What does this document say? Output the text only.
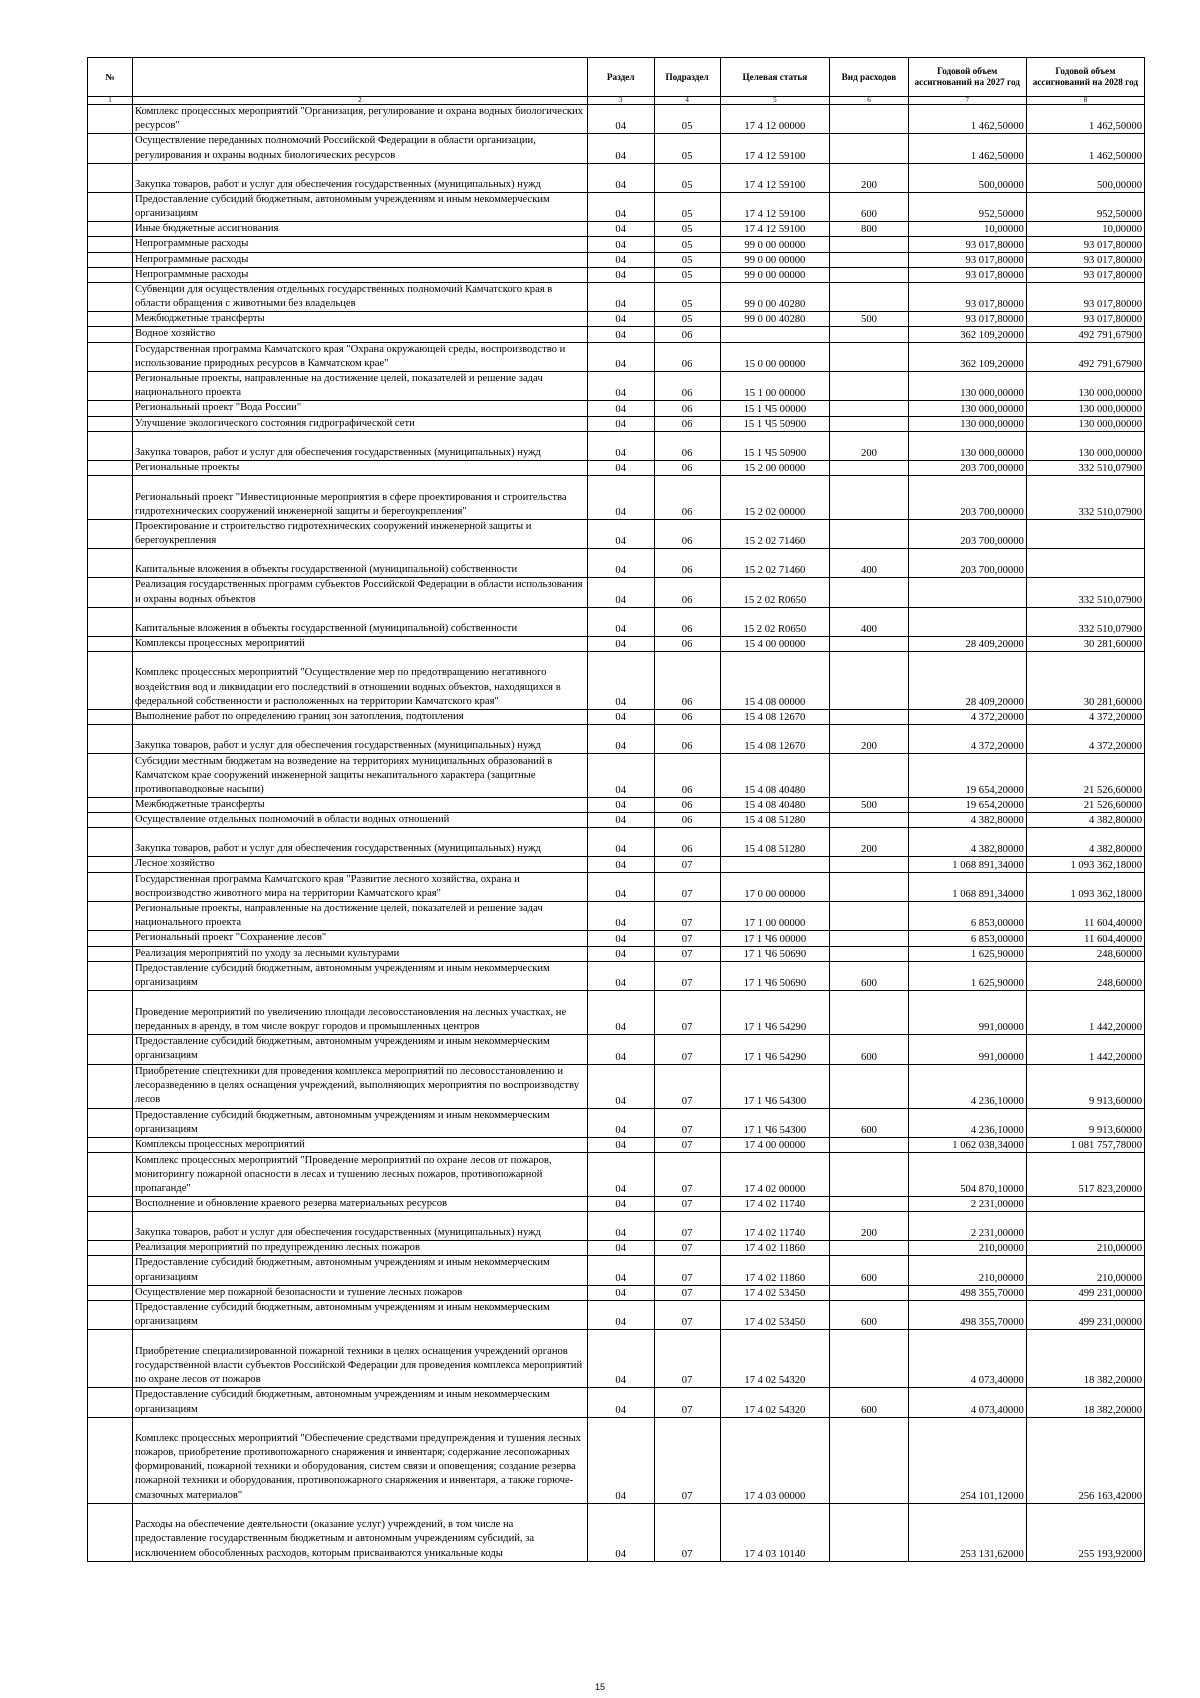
№		Раздел	Подраздел	Целевая статья	Вид расходов	Годовой объем ассигнований на 2027 год	Годовой объем ассигнований на 2028 год
1	2	3	4	5	6	7	8
	Комплекс процессных мероприятий "Организация, регулирование и охрана водных биологических ресурсов"	04	05	17 4 12 00000		1 462,50000	1 462,50000
	Осуществление переданных полномочий Российской Федерации в области организации, регулирования и охраны водных биологических ресурсов	04	05	17 4 12 59100		1 462,50000	1 462,50000
	Закупка товаров, работ и услуг для обеспечения государственных (муниципальных) нужд	04	05	17 4 12 59100	200	500,00000	500,00000
	Предоставление субсидий бюджетным, автономным учреждениям и иным некоммерческим организациям	04	05	17 4 12 59100	600	952,50000	952,50000
	Иные бюджетные ассигнования	04	05	17 4 12 59100	800	10,00000	10,00000
	Непрограммные расходы	04	05	99 0 00 00000		93 017,80000	93 017,80000
	Непрограммные расходы	04	05	99 0 00 00000		93 017,80000	93 017,80000
	Непрограммные расходы	04	05	99 0 00 00000		93 017,80000	93 017,80000
	Субвенции для осуществления отдельных государственных полномочий Камчатского края в области обращения с животными без владельцев	04	05	99 0 00 40280		93 017,80000	93 017,80000
	Межбюджетные трансферты	04	05	99 0 00 40280	500	93 017,80000	93 017,80000
	Водное хозяйство	04	06			362 109,20000	492 791,67900
	Государственная программа Камчатского края "Охрана окружающей среды, воспроизводство и использование природных ресурсов в Камчатском крае"	04	06	15 0 00 00000		362 109,20000	492 791,67900
	Региональные проекты, направленные на достижение целей, показателей и решение задач национального проекта	04	06	15 1 00 00000		130 000,00000	130 000,00000
	Региональный проект "Вода России"	04	06	15 1 Ч5 00000		130 000,00000	130 000,00000
	Улучшение экологического состояния гидрографической сети	04	06	15 1 Ч5 50900		130 000,00000	130 000,00000
	Закупка товаров, работ и услуг для обеспечения государственных (муниципальных) нужд	04	06	15 1 Ч5 50900	200	130 000,00000	130 000,00000
	Региональные проекты	04	06	15 2 00 00000		203 700,00000	332 510,07900
	Региональный проект "Инвестиционные мероприятия в сфере проектирования и строительства гидротехнических сооружений инженерной защиты и берегоукрепления"	04	06	15 2 02 00000		203 700,00000	332 510,07900
	Проектирование и строительство гидротехнических сооружений инженерной защиты и берегоукрепления	04	06	15 2 02 71460		203 700,00000	
	Капитальные вложения в объекты государственной (муниципальной) собственности	04	06	15 2 02 71460	400	203 700,00000	
	Реализация государственных программ субъектов Российской Федерации в области использования и охраны водных объектов	04	06	15 2 02 R0650			332 510,07900
	Капитальные вложения в объекты государственной (муниципальной) собственности	04	06	15 2 02 R0650	400		332 510,07900
	Комплексы процессных мероприятий	04	06	15 4 00 00000		28 409,20000	30 281,60000
	Комплекс процессных мероприятий "Осуществление мер по предотвращению негативного воздействия вод и ликвидации его последствий в отношении водных объектов, находящихся в федеральной собственности и расположенных на территории Камчатского края"	04	06	15 4 08 00000		28 409,20000	30 281,60000
	Выполнение работ по определению границ зон затопления, подтопления	04	06	15 4 08 12670		4 372,20000	4 372,20000
	Закупка товаров, работ и услуг для обеспечения государственных (муниципальных) нужд	04	06	15 4 08 12670	200	4 372,20000	4 372,20000
	Субсидии местным бюджетам на возведение на территориях муниципальных образований в Камчатском крае сооружений инженерной защиты некапитального характера (защитные противопаводковые насыпи)	04	06	15 4 08 40480		19 654,20000	21 526,60000
	Межбюджетные трансферты	04	06	15 4 08 40480	500	19 654,20000	21 526,60000
	Осуществление отдельных полномочий в области водных отношений	04	06	15 4 08 51280		4 382,80000	4 382,80000
	Закупка товаров, работ и услуг для обеспечения государственных (муниципальных) нужд	04	06	15 4 08 51280	200	4 382,80000	4 382,80000
	Лесное хозяйство	04	07			1 068 891,34000	1 093 362,18000
	Государственная программа Камчатского края "Развитие лесного хозяйства, охрана и воспроизводство животного мира на территории Камчатского края"	04	07	17 0 00 00000		1 068 891,34000	1 093 362,18000
	Региональные проекты, направленные на достижение целей, показателей и решение задач национального проекта	04	07	17 1 00 00000		6 853,00000	11 604,40000
	Региональный проект "Сохранение лесов"	04	07	17 1 Ч6 00000		6 853,00000	11 604,40000
	Реализация мероприятий по уходу за лесными культурами	04	07	17 1 Ч6 50690		1 625,90000	248,60000
	Предоставление субсидий бюджетным, автономным учреждениям и иным некоммерческим организациям	04	07	17 1 Ч6 50690	600	1 625,90000	248,60000
	Проведение мероприятий по увеличению площади лесовосстановления на лесных участках, не переданных в аренду, в том числе вокруг городов и промышленных центров	04	07	17 1 Ч6 54290		991,00000	1 442,20000
	Предоставление субсидий бюджетным, автономным учреждениям и иным некоммерческим организациям	04	07	17 1 Ч6 54290	600	991,00000	1 442,20000
	Приобретение спецтехники для проведения комплекса мероприятий по лесовосстановлению и лесоразведению в целях оснащения учреждений, выполняющих мероприятия по воспроизводству лесов	04	07	17 1 Ч6 54300		4 236,10000	9 913,60000
	Предоставление субсидий бюджетным, автономным учреждениям и иным некоммерческим организациям	04	07	17 1 Ч6 54300	600	4 236,10000	9 913,60000
	Комплексы процессных мероприятий	04	07	17 4 00 00000		1 062 038,34000	1 081 757,78000
	Комплекс процессных мероприятий "Проведение мероприятий по охране лесов от пожаров, мониторингу пожарной опасности в лесах и тушению лесных пожаров, противопожарной пропаганде"	04	07	17 4 02 00000		504 870,10000	517 823,20000
	Восполнение и обновление краевого резерва материальных ресурсов	04	07	17 4 02 11740		2 231,00000	
	Закупка товаров, работ и услуг для обеспечения государственных (муниципальных) нужд	04	07	17 4 02 11740	200	2 231,00000	
	Реализация мероприятий по предупреждению лесных пожаров	04	07	17 4 02 11860		210,00000	210,00000
	Предоставление субсидий бюджетным, автономным учреждениям и иным некоммерческим организациям	04	07	17 4 02 11860	600	210,00000	210,00000
	Осуществление мер пожарной безопасности и тушение лесных пожаров	04	07	17 4 02 53450		498 355,70000	499 231,00000
	Предоставление субсидий бюджетным, автономным учреждениям и иным некоммерческим организациям	04	07	17 4 02 53450	600	498 355,70000	499 231,00000
	Приобретение специализированной пожарной техники в целях оснащения учреждений органов государственной власти субъектов Российской Федерации для проведения комплекса мероприятий по охране лесов от пожаров	04	07	17 4 02 54320		4 073,40000	18 382,20000
	Предоставление субсидий бюджетным, автономным учреждениям и иным некоммерческим организациям	04	07	17 4 02 54320	600	4 073,40000	18 382,20000
	Комплекс процессных мероприятий "Обеспечение средствами предупреждения и тушения лесных пожаров, приобретение противопожарного снаряжения и инвентаря; содержание лесопожарных формирований, пожарной техники и оборудования, систем связи и оповещения; создание резерва пожарной техники и оборудования, противопожарного снаряжения и инвентаря, а также горюче-смазочных материалов"	04	07	17 4 03 00000		254 101,12000	256 163,42000
	Расходы на обеспечение деятельности (оказание услуг) учреждений, в том числе на предоставление государственным бюджетным и автономным учреждениям субсидий, за исключением обособленных расходов, которым присваиваются уникальные коды	04	07	17 4 03 10140		253 131,62000	255 193,92000
15
